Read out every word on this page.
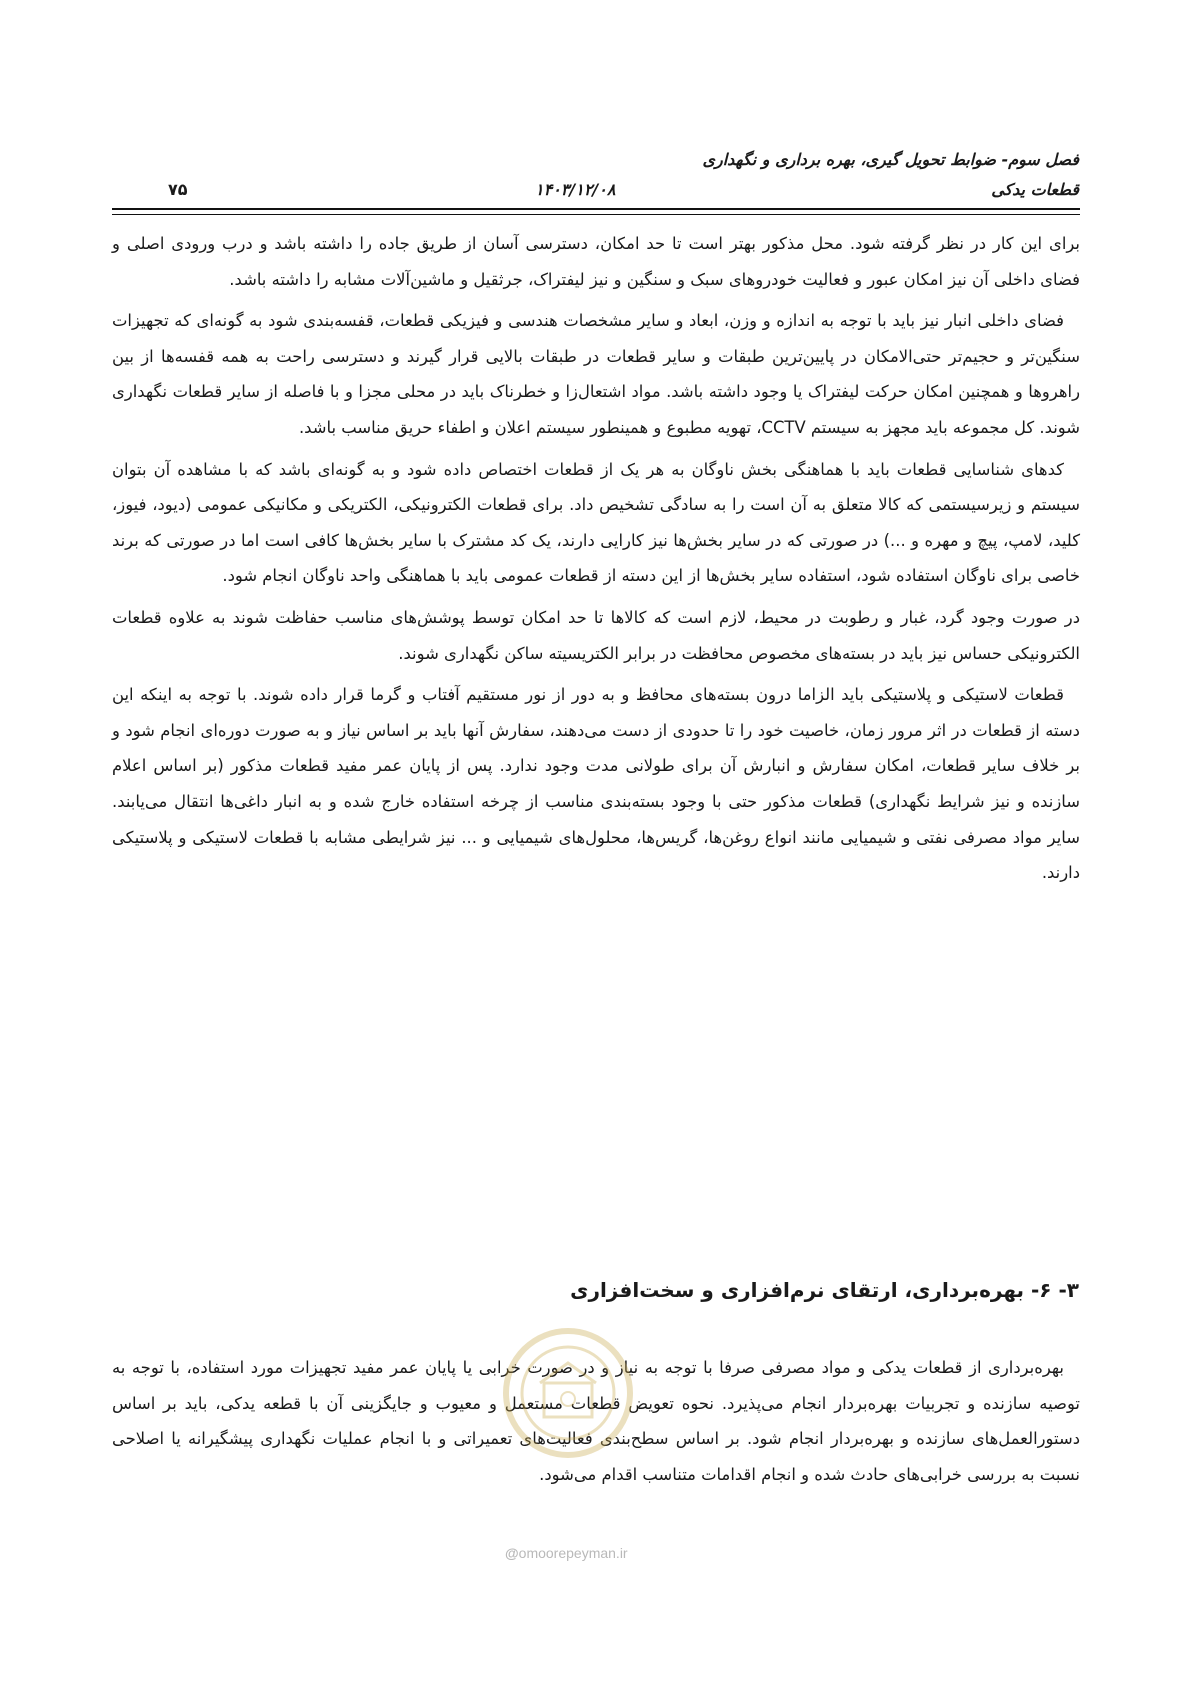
فصل سوم- ضوابط تحویل گیری، بهره برداری و نگهداری
قطعات یدکی
۱۴۰۳/۱۲/۰۸
۷۵

برای این کار در نظر گرفته شود. محل مذکور بهتر است تا حد امکان، دسترسی آسان از طریق جاده را داشته باشد و درب ورودی اصلی و فضای داخلی آن نیز امکان عبور و فعالیت خودروهای سبک و سنگین و نیز لیفتراک، جرثقیل و ماشین‌آلات مشابه را داشته باشد.

فضای داخلی انبار نیز باید با توجه به اندازه و وزن، ابعاد و سایر مشخصات هندسی و فیزیکی قطعات، قفسه‌بندی شود به گونه‌ای که تجهیزات سنگین‌تر و حجیم‌تر حتی‌الامکان در پایین‌ترین طبقات و سایر قطعات در طبقات بالایی قرار گیرند و دسترسی راحت به همه قفسه‌ها از بین راهروها و همچنین امکان حرکت لیفتراک یا وجود داشته باشد. مواد اشتعال‌زا و خطرناک باید در محلی مجزا و با فاصله از سایر قطعات نگهداری شوند. کل مجموعه باید مجهز به سیستم CCTV، تهویه مطبوع و همینطور سیستم اعلان و اطفاء حریق مناسب باشد.

کدهای شناسایی قطعات باید با هماهنگی بخش ناوگان به هر یک از قطعات اختصاص داده شود و به گونه‌ای باشد که با مشاهده آن بتوان سیستم و زیرسیستمی که کالا متعلق به آن است را به سادگی تشخیص داد. برای قطعات الکترونیکی، الکتریکی و مکانیکی عمومی (دیود، فیوز، کلید، لامپ، پیچ و مهره و ...) در صورتی که در سایر بخش‌ها نیز کارایی دارند، یک کد مشترک با سایر بخش‌ها کافی است اما در صورتی که برند خاصی برای ناوگان استفاده شود، استفاده سایر بخش‌ها از این دسته از قطعات عمومی باید با هماهنگی واحد ناوگان انجام شود.

در صورت وجود گرد، غبار و رطوبت در محیط، لازم است که کالاها تا حد امکان توسط پوشش‌های مناسب حفاظت شوند به علاوه قطعات الکترونیکی حساس نیز باید در بسته‌های مخصوص محافظت در برابر الکتریسیته ساکن نگهداری شوند.

قطعات لاستیکی و پلاستیکی باید الزاما درون بسته‌های محافظ و به دور از نور مستقیم آفتاب و گرما قرار داده شوند. با توجه به اینکه این دسته از قطعات در اثر مرور زمان، خاصیت خود را تا حدودی از دست می‌دهند، سفارش آنها باید بر اساس نیاز و به صورت دوره‌ای انجام شود و بر خلاف سایر قطعات، امکان سفارش و انبارش آن برای طولانی مدت وجود ندارد. پس از پایان عمر مفید قطعات مذکور (بر اساس اعلام سازنده و نیز شرایط نگهداری) قطعات مذکور حتی با وجود بسته‌بندی مناسب از چرخه استفاده خارج شده و به انبار داغی‌ها انتقال می‌یابند. سایر مواد مصرفی نفتی و شیمیایی مانند انواع روغن‌ها، گریس‌ها، محلول‌های شیمیایی و ... نیز شرایطی مشابه با قطعات لاستیکی و پلاستیکی دارند.

۳- ۶- بهره‌برداری، ارتقای نرم‌افزاری و سخت‌افزاری
بهره‌برداری از قطعات یدکی و مواد مصرفی صرفا با توجه به نیاز و در صورت خرابی یا پایان عمر مفید تجهیزات مورد استفاده، با توجه به توصیه سازنده و تجربیات بهره‌بردار انجام می‌پذیرد. نحوه تعویض قطعات مستعمل و معیوب و جایگزینی آن با قطعه یدکی، باید بر اساس دستورالعمل‌های سازنده و بهره‌بردار انجام شود. بر اساس سطح‌بندی فعالیت‌های تعمیراتی و با انجام عملیات نگهداری پیشگیرانه یا اصلاحی نسبت به بررسی خرابی‌های حادث شده و انجام اقدامات متناسب اقدام می‌شود.
@omoorepeyman.ir
